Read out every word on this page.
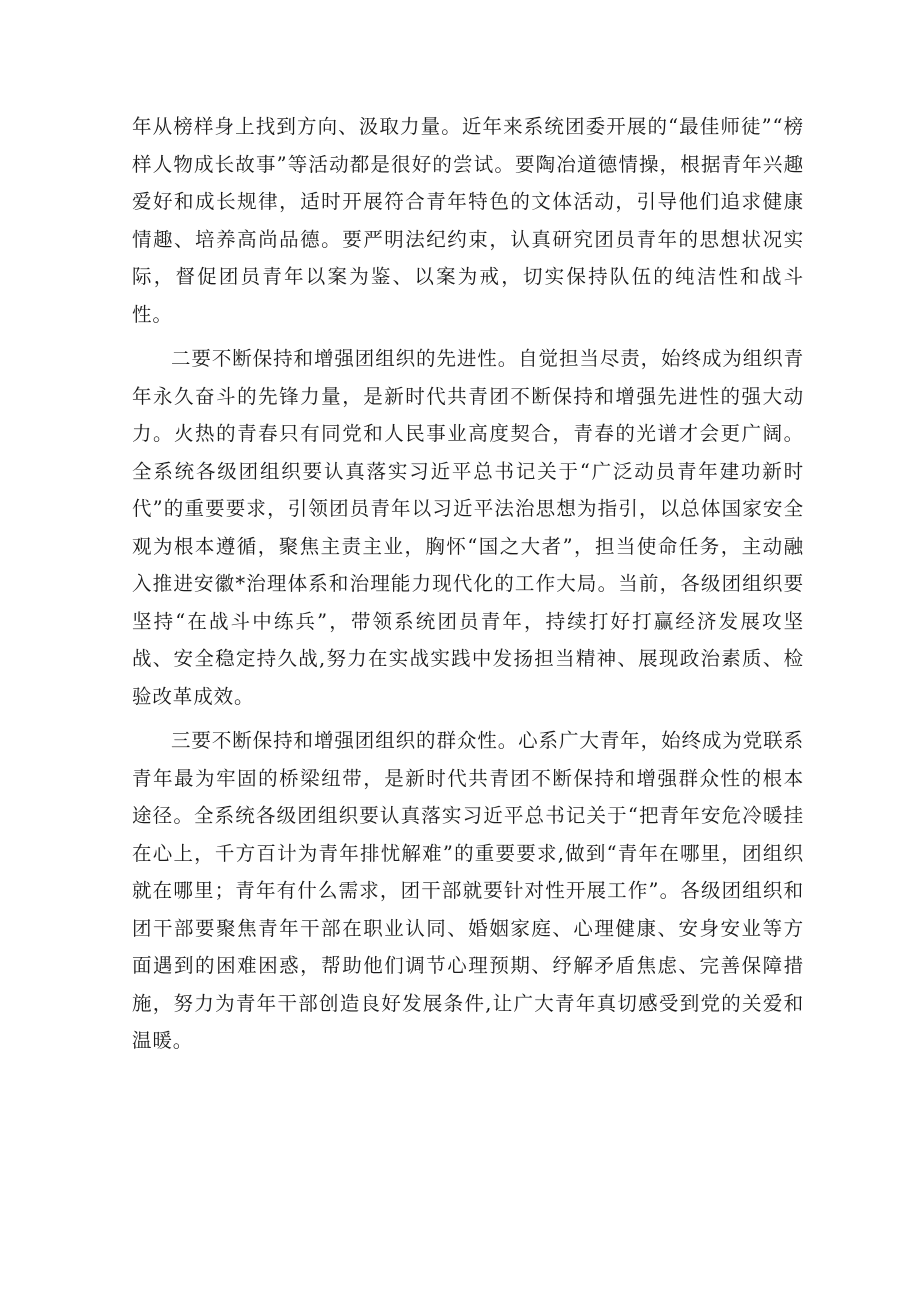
年从榜样身上找到方向、汲取力量。近年来系统团委开展的“最佳师徒”“榜样人物成长故事”等活动都是很好的尝试。要陶冶道德情操，根据青年兴趣爱好和成长规律，适时开展符合青年特色的文体活动，引导他们追求健康情趣、培养高尚品德。要严明法纪约束，认真研究团员青年的思想状况实际，督促团员青年以案为鉴、以案为戒，切实保持队伍的纯洁性和战斗性。

二要不断保持和增强团组织的先进性。自觉担当尽责，始终成为组织青年永久奋斗的先锋力量，是新时代共青团不断保持和增强先进性的强大动力。火热的青春只有同党和人民事业高度契合，青春的光谱才会更广阔。全系统各级团组织要认真落实习近平总书记关于“广泛动员青年建功新时代”的重要要求，引领团员青年以习近平法治思想为指引，以总体国家安全观为根本遵循，聚焦主责主业，胸怀“国之大者”，担当使命任务，主动融入推进安徽*治理体系和治理能力现代化的工作大局。当前，各级团组织要坚持“在战斗中练兵”，带领系统团员青年，持续打好打赢经济发展攻坚战、安全稳定持久战,努力在实战实践中发扬担当精神、展现政治素质、检验改革成效。

三要不断保持和增强团组织的群众性。心系广大青年，始终成为党联系青年最为牢固的桥梁纽带，是新时代共青团不断保持和增强群众性的根本途径。全系统各级团组织要认真落实习近平总书记关于“把青年安危冷暖挂在心上，千方百计为青年排忧解难”的重要要求,做到“青年在哪里，团组织就在哪里；青年有什么需求，团干部就要针对性开展工作”。各级团组织和团干部要聚焦青年干部在职业认同、婚姻家庭、心理健康、安身安业等方面遇到的困难困惑，帮助他们调节心理预期、纾解矛盾焦虑、完善保障措施，努力为青年干部创造良好发展条件,让广大青年真切感受到党的关爱和温暖。
